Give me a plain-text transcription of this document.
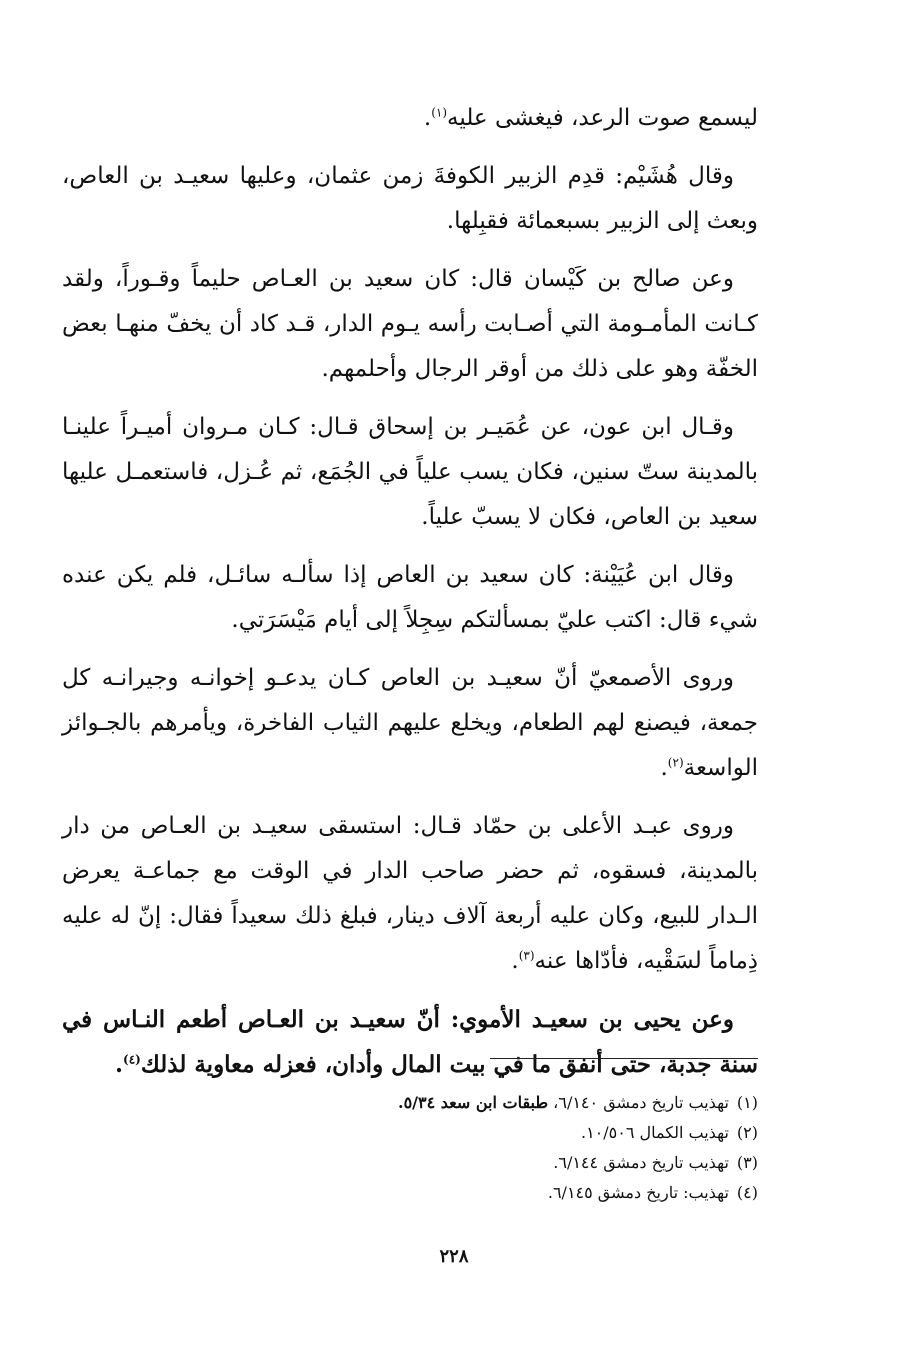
ليسمع صوت الرعد، فيغشى عليه$^{(١)}$.

وقال هُشَيْم: قدِم الزبير الكوفةَ زمن عثمان، وعليها سعيـد بن العاص، وبعث إلى الزبير بسبعمائة فقبِلها.

وعن صالح بن كَيْسان قال: كان سعيد بن العـاص حليماً وقـوراً، ولقد كـانت المأمـومة التي أصـابت رأسه يـوم الدار، قـد كاد أن يخفّ منهـا بعض الخفّة وهو على ذلك من أوقر الرجال وأحلمهم.

وقـال ابن عون، عن عُمَيـر بن إسحاق قـال: كـان مـروان أميـراً علينـا بالمدينة ستّ سنين، فكان يسب علياً في الجُمَع، ثم عُـزل، فاستعمـل عليها سعيد بن العاص، فكان لا يسبّ علياً.

وقال ابن عُيَيْنة: كان سعيد بن العاص إذا سألـه سائـل، فلم يكن عنده شيء قال: اكتب عليّ بمسألتكم سِجِلاً إلى أيام مَيْسَرَتي.

وروى الأصمعيّ أنّ سعيـد بن العاص كـان يدعـو إخوانـه وجيرانـه كل جمعة، فيصنع لهم الطعام، ويخلع عليهم الثياب الفاخرة، ويأمرهم بالجـوائز الواسعة$^{(٢)}$.

وروى عبـد الأعلى بن حمّاد قـال: استسقى سعيـد بن العـاص من دار بالمدينة، فسقوه، ثم حضر صاحب الدار في الوقت مع جماعـة يعرض الـدار للبيع، وكان عليه أربعة آلاف دينار، فبلغ ذلك سعيداً فقال: إنّ له عليه ذِماماً لسَقْيه، فأدّاها عنه$^{(٣)}$.

وعن يحيى بن سعيـد الأموي: أنّ سعيـد بن العـاص أطعم النـاس في سنة جدبة، حتى أنفق ما في بيت المال وأدان، فعزله معاوية لذلك$^{(٤)}$.

(١)تهذيب تاريخ دمشق ٦/١٤٠، طبقات ابن سعد ٥/٣٤.
(٢)تهذيب الكمال ١٠/٥٠٦.
(٣)تهذيب تاريخ دمشق ٦/١٤٤.
(٤)تهذيب: تاريخ دمشق ٦/١٤٥.
٢٢٨
